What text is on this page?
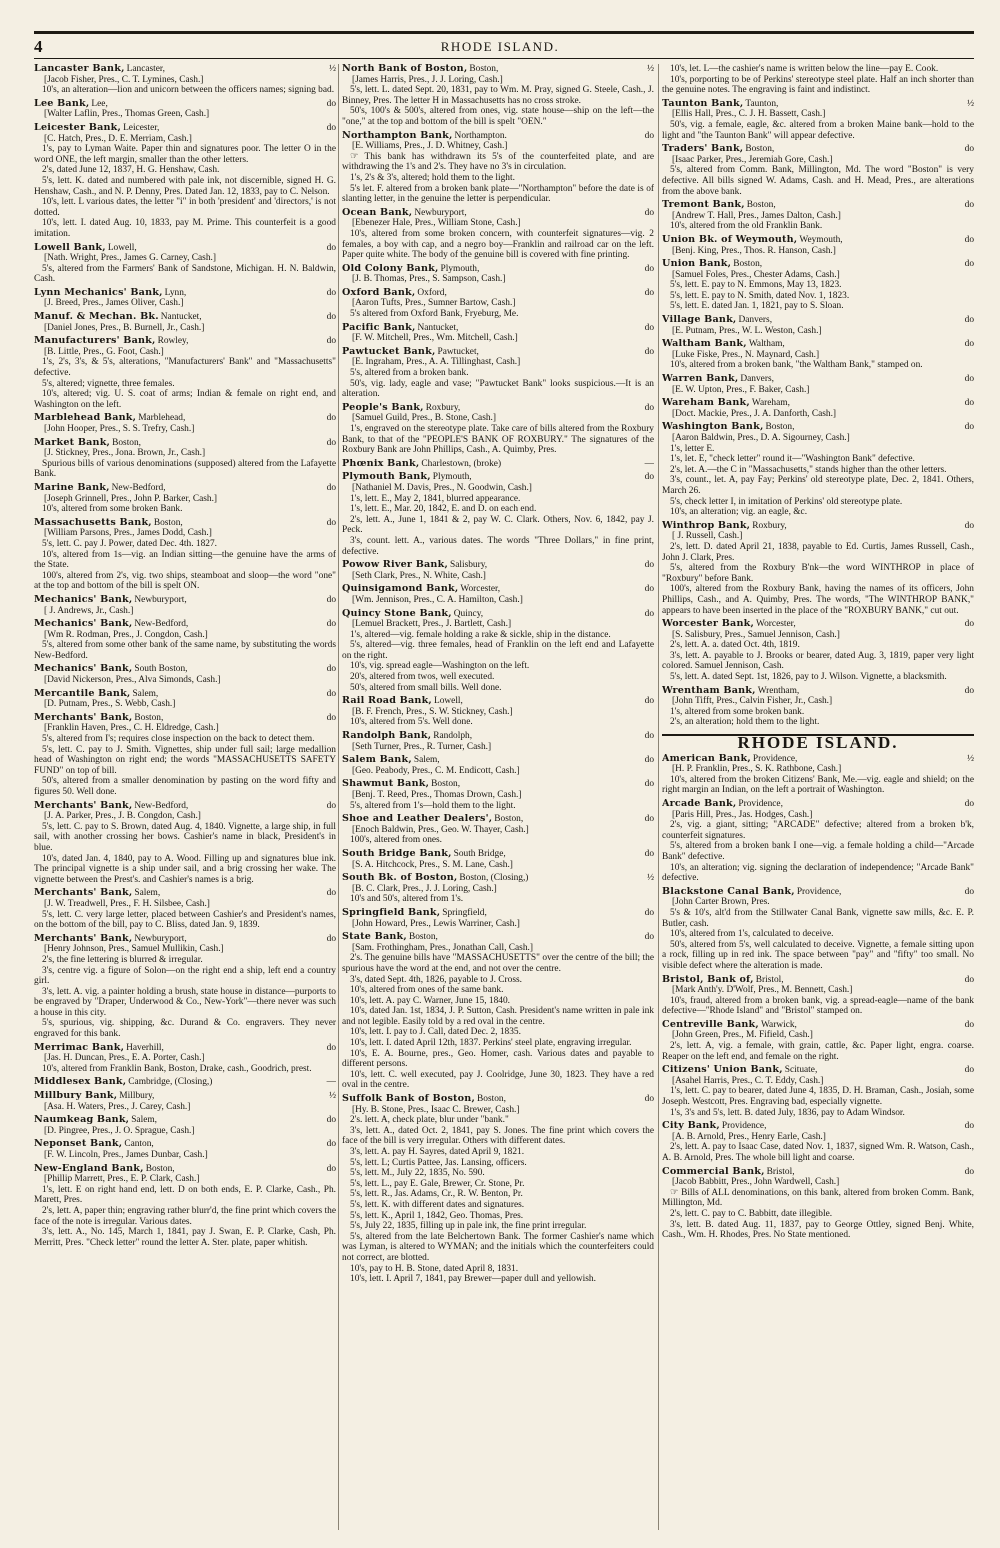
4	RHODE ISLAND.
Lancaster Bank, Lancaster,	½
[Jacob Fisher, Pres., C. T. Lymines, Cash.]
10's, an alteration—lion and unicorn between the officers names; signing bad.
Lee Bank, Lee,	do
[Walter Laflin, Pres., Thomas Green, Cash.]
Leicester Bank, Leicester,	do
[C. Hatch, Pres., D. E. Merriam, Cash.]
1's, pay to Lyman Waite. Paper thin and signatures poor. The letter O in the word ONE, the left margin, smaller than the other letters.
2's, dated June 12, 1837, H. G. Henshaw, Cash.
5's, lett. K. dated and numbered with pale ink, not discernible, signed H. G. Henshaw, Cash., and N. P. Denny, Pres. Dated Jan. 12, 1833, pay to C. Nelson.
10's, lett. L various dates, the letter "i" in both 'president' and 'directors,' is not dotted.
10's, lett. I. dated Aug. 10, 1833, pay M. Prime. This counterfeit is a good imitation.
Lowell Bank, Lowell,	do
[Nath. Wright, Pres., James G. Carney, Cash.]
5's, altered from the Farmers' Bank of Sandstone, Michigan. H. N. Baldwin, Cash.
Lynn Mechanics' Bank, Lynn,	do
[J. Breed, Pres., James Oliver, Cash.]
Manuf. & Mechan. Bk. Nantucket,	do
[Daniel Jones, Pres., B. Burnell, Jr., Cash.]
Manufacturers' Bank, Rowley,	do
[B. Little, Pres., G. Foot, Cash.]
1's, 2's, 3's, & 5's, alterations, "Manufacturers' Bank" and "Massachusetts" defective.
5's, altered; vignette, three females.
10's, altered; vig. U. S. coat of arms; Indian & female on right end, and Washington on the left.
Marblehead Bank, Marblehead,	do
[John Hooper, Pres., S. S. Trefry, Cash.]
Market Bank, Boston,	do
[J. Stickney, Pres., Jona. Brown, Jr., Cash.]
Spurious bills of various denominations (supposed) altered from the Lafayette Bank.
Marine Bank, New-Bedford,	do
[Joseph Grinnell, Pres., John P. Barker, Cash.]
10's, altered from some broken Bank.
Massachusetts Bank, Boston,	do
[William Parsons, Pres., James Dodd, Cash.]
5's, lett. C. pay J. Power, dated Dec. 4th. 1827.
10's, altered from 1s—vig. an Indian sitting—the genuine have the arms of the State.
100's, altered from 2's, vig. two ships, steamboat and sloop—the word "one" at the top and bottom of the bill is spelt ON.
Mechanics' Bank, Newburyport,	do
[ J. Andrews, Jr., Cash.]
Mechanics' Bank, New-Bedford,	do
[Wm R. Rodman, Pres., J. Congdon, Cash.]
5's, altered from some other bank of the same name, by substituting the words New-Bedford.
Mechanics' Bank, South Boston,	do
[David Nickerson, Pres., Alva Simonds, Cash.]
Mercantile Bank, Salem,	do
[D. Putnam, Pres., S. Webb, Cash.]
Merchants' Bank, Boston,	do
[Franklin Haven, Pres., C. H. Eldredge, Cash.]
5's, altered from I's; requires close inspection on the back to detect them.
5's, lett. C. pay to J. Smith. Vignettes, ship under full sail; large medallion head of Washington on right end; the words "MASSACHUSETTS SAFETY FUND" on top of bill.
50's, altered from a smaller denomination by pasting on the word fifty and figures 50. Well done.
Merchants' Bank, New-Bedford,	do
[J. A. Parker, Pres., J. B. Congdon, Cash.]
5's, lett. C. pay to S. Brown, dated Aug. 4, 1840. Vignette, a large ship, in full sail, with another crossing her bows. Cashier's name in black, President's in blue.
10's, dated Jan. 4, 1840, pay to A. Wood. Filling up and signatures blue ink. The principal vignette is a ship under sail, and a brig crossing her wake. The vignette between the Prest's. and Cashier's names is a brig.
Merchants' Bank, Salem,	do
[J. W. Treadwell, Pres., F. H. Silsbee, Cash.]
5's, lett. C. very large letter, placed between Cashier's and President's names, on the bottom of the bill, pay to C. Bliss, dated Jan. 9, 1839.
Merchants' Bank, Newburyport,	do
[Henry Johnson, Pres., Samuel Mullikin, Cash.]
2's, the fine lettering is blurred & irregular.
3's, centre vig. a figure of Solon—on the right end a ship, left end a country girl.
3's, lett. A. vig. a painter holding a brush, state house in distance—purports to be engraved by "Draper, Underwood & Co., New-York"—there never was such a house in this city.
5's, spurious, vig. shipping, &c. Durand & Co. engravers. They never engraved for this bank.
Merrimac Bank, Haverhill,	do
[Jas. H. Duncan, Pres., E. A. Porter, Cash.]
10's, altered from Franklin Bank, Boston, Drake, cash., Goodrich, prest.
Middlesex Bank, Cambridge, (Closing,)	—
Millbury Bank, Millbury,	½
[Asa. H. Waters, Pres., J. Carey, Cash.]
Naumkeag Bank, Salem,	do
[D. Pingree, Pres., J. O. Sprague, Cash.]
Neponset Bank, Canton,	do
[F. W. Lincoln, Pres., James Dunbar, Cash.]
New-England Bank, Boston,	do
[Phillip Marrett, Pres., E. P. Clark, Cash.]
1's, lett. E on right hand end, lett. D on both ends, E. P. Clarke, Cash., Ph. Marett, Pres.
2's, lett. A, paper thin; engraving rather blurr'd, the fine print which covers the face of the note is irregular. Various dates.
3's, lett. A., No. 145, March 1, 1841, pay J. Swan, E. P. Clarke, Cash, Ph. Merritt, Pres. "Check letter" round the letter A. Ster. plate, paper whitish.
North Bank of Boston, Boston,	½
[James Harris, Pres., J. J. Loring, Cash.]
5's, lett. L. dated Sept. 20, 1831, pay to Wm. M. Pray, signed G. Steele, Cash., J. Binney, Pres. The letter H in Massachusetts has no cross stroke.
50's, 100's & 500's, altered from ones, vig. state house—ship on the left—the "one," at the top and bottom of the bill is spelt "OEN."
Northampton Bank, Northampton.	do
[E. Williams, Pres., J. D. Whitney, Cash.]
☞ This bank has withdrawn its 5's of the counterfeited plate, and are withdrawing the 1's and 2's. They have no 3's in circulation.
1's, 2's & 3's, altered; hold them to the light.
5's let. F. altered from a broken bank plate—"Northampton" before the date is of slanting letter, in the genuine the letter is perpendicular.
Ocean Bank, Newburyport,	do
[Ebenezer Hale, Pres., William Stone, Cash.]
10's, altered from some broken concern, with counterfeit signatures—vig. 2 females, a boy with cap, and a negro boy—Franklin and railroad car on the left. Paper quite white. The body of the genuine bill is covered with fine printing.
Old Colony Bank, Plymouth,	do
[J. B. Thomas, Pres., S. Sampson, Cash.]
Oxford Bank, Oxford,	do
[Aaron Tufts, Pres., Sumner Bartow, Cash.]
5's altered from Oxford Bank, Fryeburg, Me.
Pacific Bank, Nantucket,	do
[F. W. Mitchell, Pres., Wm. Mitchell, Cash.]
Pawtucket Bank, Pawtucket,	do
[E. Ingraham, Pres., A. A. Tillinghast, Cash.]
5's, altered from a broken bank.
50's, vig. lady, eagle and vase; "Pawtucket Bank" looks suspicious.—It is an alteration.
People's Bank, Roxbury,	do
[Samuel Guild, Pres., B. Stone, Cash.]
1's, engraved on the stereotype plate. Take care of bills altered from the Roxbury Bank, to that of the "PEOPLE'S BANK OF ROXBURY." The signatures of the Roxbury Bank are John Phillips, Cash., A. Quimby, Pres.
Phœnix Bank, Charlestown, (broke)	—
Plymouth Bank, Plymouth,	do
[Nathaniel M. Davis, Pres., N. Goodwin, Cash.]
1's, lett. E., May 2, 1841, blurred appearance.
1's, lett. E., Mar. 20, 1842, E. and D. on each end.
2's, lett. A., June 1, 1841 & 2, pay W. C. Clark. Others, Nov. 6, 1842, pay J. Peck.
3's, count. lett. A., various dates. The words "Three Dollars," in fine print, defective.
Powow River Bank, Salisbury,	do
[Seth Clark, Pres., N. White, Cash.]
Quinsigamond Bank, Worcester,	do
[Wm. Jennison, Pres., C. A. Hamilton, Cash.]
Quincy Stone Bank, Quincy,	do
[Lemuel Brackett, Pres., J. Bartlett, Cash.]
1's, altered—vig. female holding a rake & sickle, ship in the distance.
5's, altered—vig. three females, head of Franklin on the left end and Lafayette on the right.
10's, vig. spread eagle—Washington on the left.
20's, altered from twos, well executed.
50's, altered from small bills. Well done.
Rail Road Bank, Lowell,	do
[B. F. French, Pres., S. W. Stickney, Cash.]
10's, altered from 5's. Well done.
Randolph Bank, Randolph,	do
[Seth Turner, Pres., R. Turner, Cash.]
Salem Bank, Salem,	do
[Geo. Peabody, Pres., C. M. Endicott, Cash.]
Shawmut Bank, Boston,	do
[Benj. T. Reed, Pres., Thomas Drown, Cash.]
5's, altered from 1's—hold them to the light.
Shoe and Leather Dealers', Boston,	do
[Enoch Baldwin, Pres., Geo. W. Thayer, Cash.]
100's, altered from ones.
South Bridge Bank, South Bridge,	do
[S. A. Hitchcock, Pres., S. M. Lane, Cash.]
South Bk. of Boston, Boston, (Closing,)	½
[B. C. Clark, Pres., J. J. Loring, Cash.]
10's and 50's, altered from 1's.
Springfield Bank, Springfield,	do
[John Howard, Pres., Lewis Warriner, Cash.]
State Bank, Boston,	do
[Sam. Frothingham, Pres., Jonathan Call, Cash.]
2's. The genuine bills have "MASSACHUSETTS" over the centre of the bill; the spurious have the word at the end, and not over the centre.
3's, dated Sept. 4th, 1826, payable to J. Cross.
10's, altered from ones of the same bank.
10's, lett. A. pay C. Warner, June 15, 1840.
10's, dated Jan. 1st, 1834, J. P. Sutton, Cash. President's name written in pale ink and not legible. Easily told by a red oval in the centre.
10's, lett. I. pay to J. Call, dated Dec. 2, 1835.
10's, lett. I. dated April 12th, 1837. Perkins' steel plate, engraving irregular.
10's, E. A. Bourne, pres., Geo. Homer, cash. Various dates and payable to different persons.
10's, lett. C. well executed, pay J. Coolridge, June 30, 1823. They have a red oval in the centre.
Suffolk Bank of Boston, Boston,	do
[Hy. B. Stone, Pres., Isaac C. Brewer, Cash.]
2's. lett. A, check plate, blur under "bank."
3's, lett. A., dated Oct. 2, 1841, pay S. Jones. The fine print which covers the face of the bill is very irregular. Others with different dates.
3's, lett. A. pay H. Sayres, dated April 9, 1821.
5's, lett. L; Curtis Pattee, Jas. Lansing, officers.
5's, lett. M., July 22, 1835, No. 590.
5's, lett. L., pay E. Gale, Brewer, Cr. Stone, Pr.
5's, lett. R., Jas. Adams, Cr., R. W. Benton, Pr.
5's, lett. K. with different dates and signatures.
5's, lett. K., April 1, 1842, Geo. Thomas, Pres.
5's, July 22, 1835, filling up in pale ink, the fine print irregular.
5's, altered from the late Belchertown Bank. The former Cashier's name which was Lyman, is altered to WYMAN; and the initials which the counterfeiters could not correct, are blotted.
10's, pay to H. B. Stone, dated April 8, 1831.
10's, lett. I. April 7, 1841, pay Brewer—paper dull and yellowish.
10's, let. L—the cashier's name is written below the line—pay E. Cook.
10's, porporting to be of Perkins' stereotype steel plate. Half an inch shorter than the genuine notes. The engraving is faint and indistinct.
Taunton Bank, Taunton,	½
[Ellis Hall, Pres., C. J. H. Bassett, Cash.]
50's, vig. a female, eagle, &c. altered from a broken Maine bank—hold to the light and "the Taunton Bank" will appear defective.
Traders' Bank, Boston,	do
[Isaac Parker, Pres., Jeremiah Gore, Cash.]
5's, altered from Comm. Bank, Millington, Md. The word "Boston" is very defective. All bills signed W. Adams, Cash. and H. Mead, Pres., are alterations from the above bank.
Tremont Bank, Boston,	do
[Andrew T. Hall, Pres., James Dalton, Cash.]
10's, altered from the old Franklin Bank.
Union Bk. of Weymouth, Weymouth,	do
[Benj. King, Pres., Thos. R. Hanson, Cash.]
Union Bank, Boston,	do
[Samuel Foles, Pres., Chester Adams, Cash.]
5's, lett. E. pay to N. Emmons, May 13, 1823.
5's, lett. E. pay to N. Smith, dated Nov. 1, 1823.
5's, lett. E. dated Jan. 1, 1821, pay to S. Sloan.
Village Bank, Danvers,	do
[E. Putnam, Pres., W. L. Weston, Cash.]
Waltham Bank, Waltham,	do
[Luke Fiske, Pres., N. Maynard, Cash.]
10's, altered from a broken bank, "the Waltham Bank," stamped on.
Warren Bank, Danvers,	do
[E. W. Upton, Pres., F. Baker, Cash.]
Wareham Bank, Wareham,	do
[Doct. Mackie, Pres., J. A. Danforth, Cash.]
Washington Bank, Boston,	do
[Aaron Baldwin, Pres., D. A. Sigourney, Cash.]
1's, letter E.
1's, let. E, "check letter" round it—"Washington Bank" defective.
2's, let. A.—the C in "Massachusetts," stands higher than the other letters.
3's, count., let. A, pay Fay; Perkins' old stereotype plate, Dec. 2, 1841. Others, March 26.
5's, check letter I, in imitation of Perkins' old stereotype plate.
10's, an alteration; vig. an eagle, &c.
Winthrop Bank, Roxbury,	do
[ J. Russell, Cash.]
2's, lett. D. dated April 21, 1838, payable to Ed. Curtis, James Russell, Cash., John J. Clark, Pres.
5's, altered from the Roxbury B'nk—the word WINTHROP in place of "Roxbury" before Bank.
100's, altered from the Roxbury Bank, having the names of its officers, John Phillips, Cash., and A. Quimby, Pres. The words, "The WINTHROP BANK," appears to have been inserted in the place of the "ROXBURY BANK," cut out.
Worcester Bank, Worcester,	do
[S. Salisbury, Pres., Samuel Jennison, Cash.]
2's, lett. A. a. dated Oct. 4th, 1819.
3's, lett. A. payable to J. Brooks or bearer, dated Aug. 3, 1819, paper very light colored. Samuel Jennison, Cash.
5's, lett. A. dated Sept. 1st, 1826, pay to J. Wilson. Vignette, a blacksmith.
Wrentham Bank, Wrentham,	do
[John Tifft, Pres., Calvin Fisher, Jr., Cash.]
1's, altered from some broken bank.
2's, an alteration; hold them to the light.
RHODE ISLAND.
American Bank, Providence,	½
[H. P. Franklin, Pres., S. K. Rathbone, Cash.]
10's, altered from the broken Citizens' Bank, Me.—vig. eagle and shield; on the right margin an Indian, on the left a portrait of Washington.
Arcade Bank, Providence,	do
[Paris Hill, Pres., Jas. Hodges, Cash.]
2's, vig. a giant, sitting; "ARCADE" defective; altered from a broken b'k, counterfeit signatures.
5's, altered from a broken bank I one—vig. a female holding a child—"Arcade Bank" defective.
10's, an alteration; vig. signing the declaration of independence; "Arcade Bank" defective.
Blackstone Canal Bank, Providence,	do
[John Carter Brown, Pres.
5's & 10's, alt'd from the Stillwater Canal Bank, vignette saw mills, &c. E. P. Butler, cash.
10's, altered from 1's, calculated to deceive.
50's, altered from 5's, well calculated to deceive. Vignette, a female sitting upon a rock, filling up in red ink. The space between "pay" and "fifty" too small. No visible defect where the alteration is made.
Bristol, Bank of, Bristol,	do
[Mark Anth'y. D'Wolf, Pres., M. Bennett, Cash.]
10's, fraud, altered from a broken bank, vig. a spread-eagle—name of the bank defective—"Rhode Island" and "Bristol" stamped on.
Centreville Bank, Warwick,	do
[John Green, Pres., M. Fifield, Cash.]
2's, lett. A, vig. a female, with grain, cattle, &c. Paper light, engra. coarse. Reaper on the left end, and female on the right.
Citizens' Union Bank, Scituate,	do
[Asahel Harris, Pres., C. T. Eddy, Cash.]
1's, lett. C. pay to bearer, dated June 4, 1835, D. H. Braman, Cash., Josiah, some Joseph. Westcott, Pres. Engraving bad, especially vignette.
1's, 3's and 5's, lett. B. dated July, 1836, pay to Adam Windsor.
City Bank, Providence,	do
[A. B. Arnold, Pres., Henry Earle, Cash.]
2's, lett. A. pay to Isaac Case, dated Nov. 1, 1837, signed Wm. R. Watson, Cash., A. B. Arnold, Pres. The whole bill light and coarse.
Commercial Bank, Bristol,	do
[Jacob Babbitt, Pres., John Wardwell, Cash.]
☞ Bills of ALL denominations, on this bank, altered from broken Comm. Bank, Millington, Md.
2's, lett. C. pay to C. Babbitt, date illegible.
3's, lett. B. dated Aug. 11, 1837, pay to George Ottley, signed Benj. White, Cash., Wm. H. Rhodes, Pres. No State mentioned.
